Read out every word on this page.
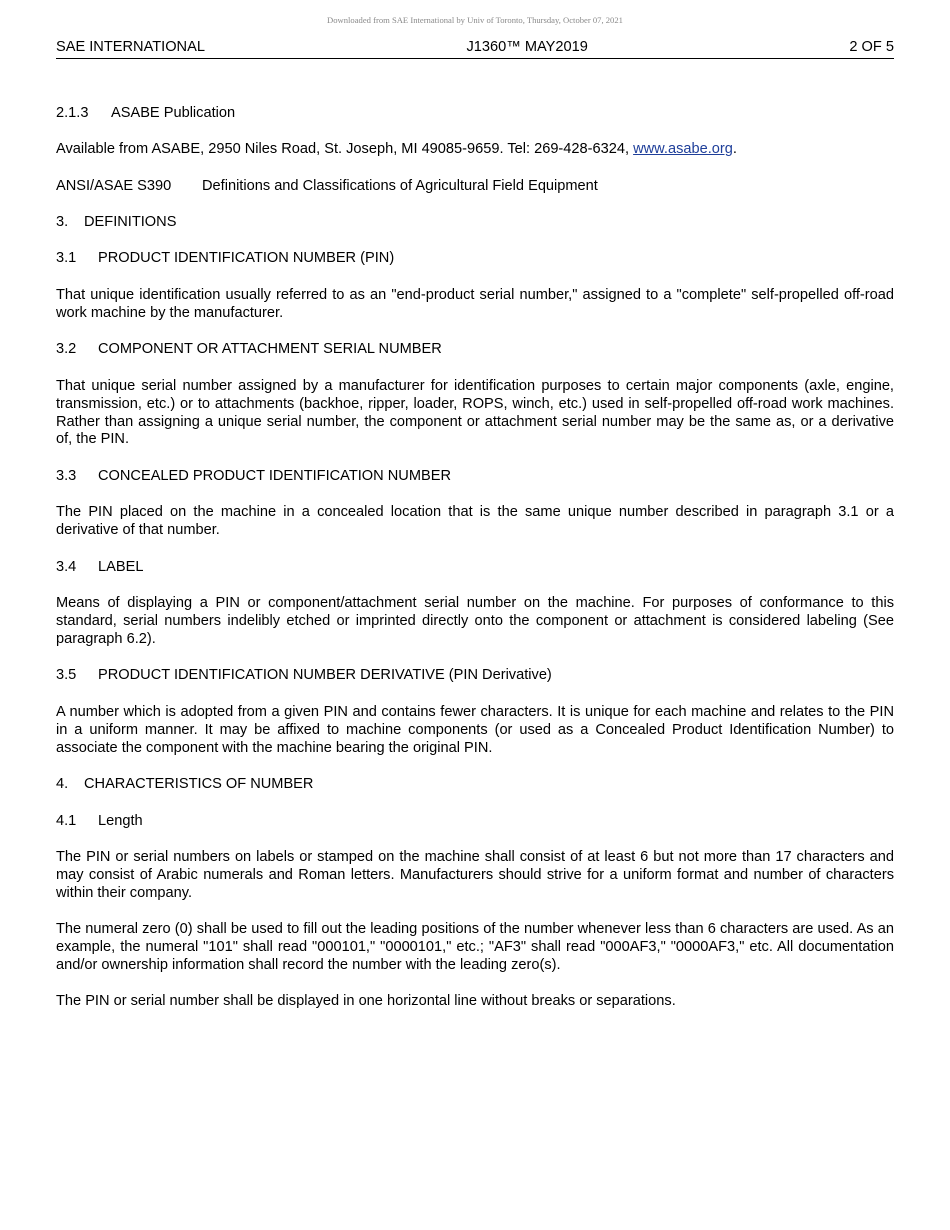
Downloaded from SAE International by Univ of Toronto, Thursday, October 07, 2021
SAE INTERNATIONAL	J1360™ MAY2019	2 OF 5
2.1.3 ASABE Publication
Available from ASABE, 2950 Niles Road, St. Joseph, MI 49085-9659. Tel: 269-428-6324, www.asabe.org.
ANSI/ASAE S390 Definitions and Classifications of Agricultural Field Equipment
3. DEFINITIONS
3.1 PRODUCT IDENTIFICATION NUMBER (PIN)
That unique identification usually referred to as an "end-product serial number," assigned to a "complete" self-propelled off-road work machine by the manufacturer.
3.2 COMPONENT OR ATTACHMENT SERIAL NUMBER
That unique serial number assigned by a manufacturer for identification purposes to certain major components (axle, engine, transmission, etc.) or to attachments (backhoe, ripper, loader, ROPS, winch, etc.) used in self-propelled off-road work machines. Rather than assigning a unique serial number, the component or attachment serial number may be the same as, or a derivative of, the PIN.
3.3 CONCEALED PRODUCT IDENTIFICATION NUMBER
The PIN placed on the machine in a concealed location that is the same unique number described in paragraph 3.1 or a derivative of that number.
3.4 LABEL
Means of displaying a PIN or component/attachment serial number on the machine. For purposes of conformance to this standard, serial numbers indelibly etched or imprinted directly onto the component or attachment is considered labeling (See paragraph 6.2).
3.5 PRODUCT IDENTIFICATION NUMBER DERIVATIVE (PIN Derivative)
A number which is adopted from a given PIN and contains fewer characters. It is unique for each machine and relates to the PIN in a uniform manner. It may be affixed to machine components (or used as a Concealed Product Identification Number) to associate the component with the machine bearing the original PIN.
4. CHARACTERISTICS OF NUMBER
4.1 Length
The PIN or serial numbers on labels or stamped on the machine shall consist of at least 6 but not more than 17 characters and may consist of Arabic numerals and Roman letters. Manufacturers should strive for a uniform format and number of characters within their company.
The numeral zero (0) shall be used to fill out the leading positions of the number whenever less than 6 characters are used. As an example, the numeral "101" shall read "000101," "0000101," etc.; "AF3" shall read "000AF3," "0000AF3," etc. All documentation and/or ownership information shall record the number with the leading zero(s).
The PIN or serial number shall be displayed in one horizontal line without breaks or separations.
